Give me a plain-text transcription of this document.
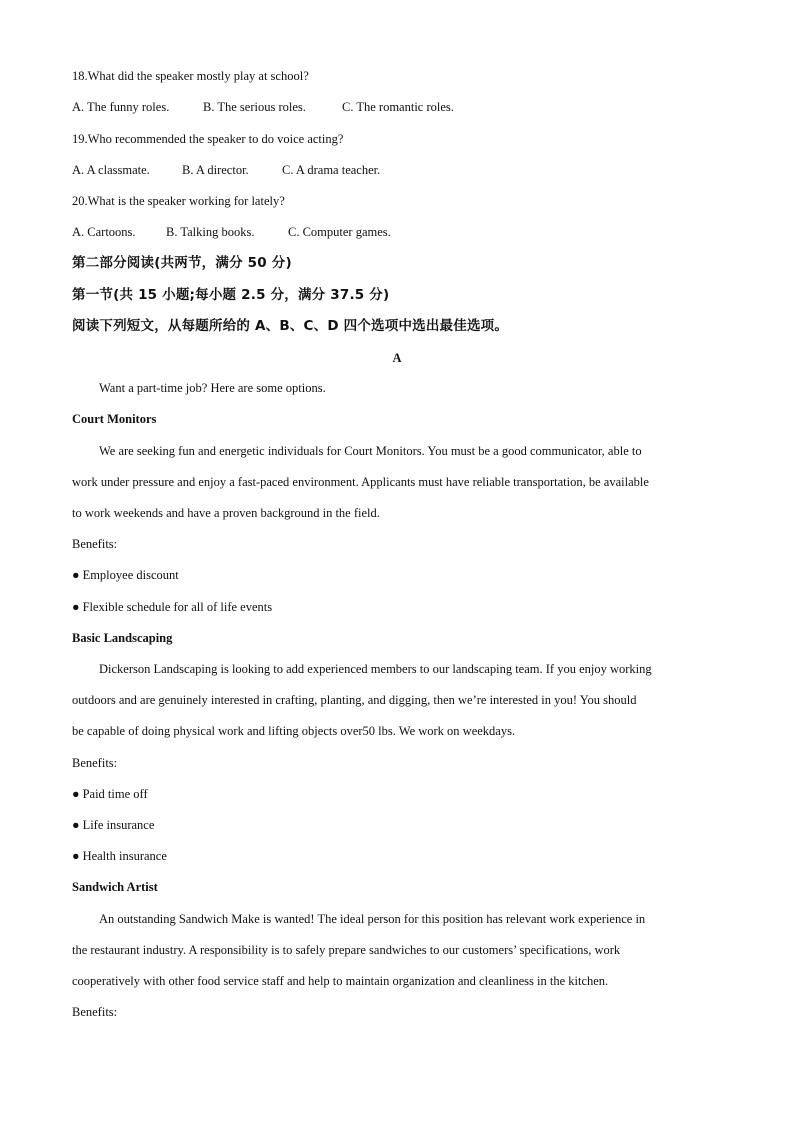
18.What did the speaker mostly play at school?
A. The funny roles.	B. The serious roles.	C. The romantic roles.
19.Who recommended the speaker to do voice acting?
A. A classmate.	B. A director.	C. A drama teacher.
20.What is the speaker working for lately?
A. Cartoons. B. Talking books.	C. Computer games.
第二部分阅读(共两节，满分 50 分)
第一节(共 15 小题;每小题 2.5 分，满分 37.5 分)
阅读下列短文，从每题所给的 A、B、C、D 四个选项中选出最佳选项。
A
Want a part-time job? Here are some options.
Court Monitors
We are seeking fun and energetic individuals for Court Monitors. You must be a good communicator, able to
work under pressure and enjoy a fast-paced environment. Applicants must have reliable transportation, be available
to work weekends and have a proven background in the field.
Benefits:
● Employee discount
● Flexible schedule for all of life events
Basic Landscaping
Dickerson Landscaping is looking to add experienced members to our landscaping team. If you enjoy working
outdoors and are genuinely interested in crafting, planting, and digging, then we’re interested in you! You should
be capable of doing physical work and lifting objects over50 lbs. We work on weekdays.
Benefits:
● Paid time off
● Life insurance
● Health insurance
Sandwich Artist
An outstanding Sandwich Make is wanted! The ideal person for this position has relevant work experience in
the restaurant industry. A responsibility is to safely prepare sandwiches to our customers’ specifications, work
cooperatively with other food service staff and help to maintain organization and cleanliness in the kitchen.
Benefits:
